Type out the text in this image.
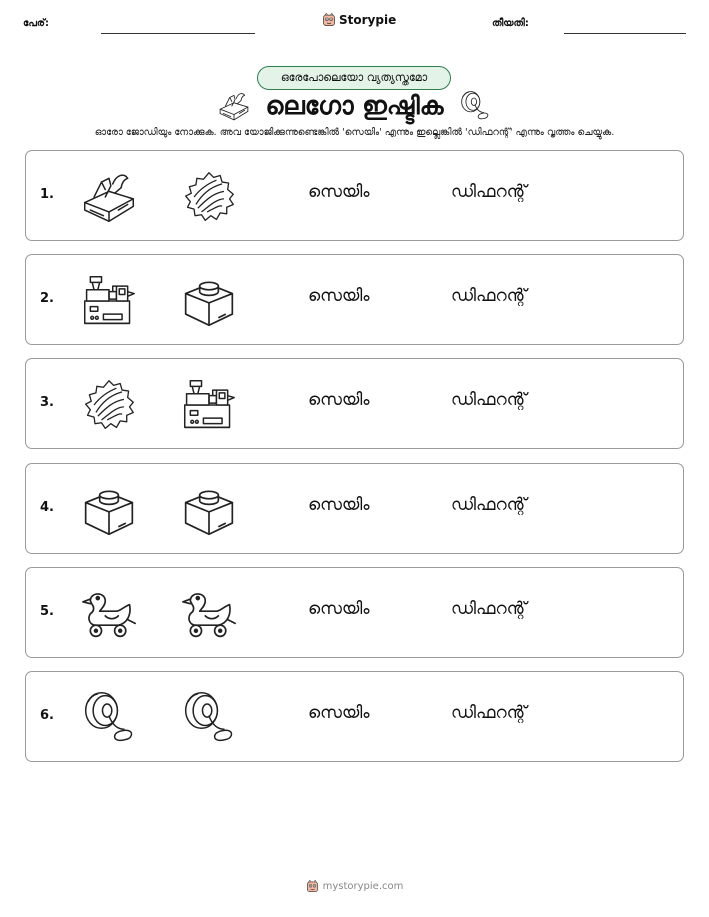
പേര്:	Storypie	തീയതി:
ഒരേപോലെയോ വ്യത്യസ്തമോ
ലെഗോ ഇഷ്ടിക
ഓരോ ജോഡിയും നോക്കുക. അവ യോജിക്കുന്നുണ്ടെങ്കിൽ 'സെയിം' എന്നും ഇല്ലെങ്കിൽ 'ഡിഫറന്റ്' എന്നും വൃത്തം ചെയ്യുക.
1.	സെയിം	ഡിഫറന്റ്
2.	സെയിം	ഡിഫറന്റ്
3.	സെയിം	ഡിഫറന്റ്
4.	സെയിം	ഡിഫറന്റ്
5.	സെയിം	ഡിഫറന്റ്
6.	സെയിം	ഡിഫറന്റ്
mystorypie.com
